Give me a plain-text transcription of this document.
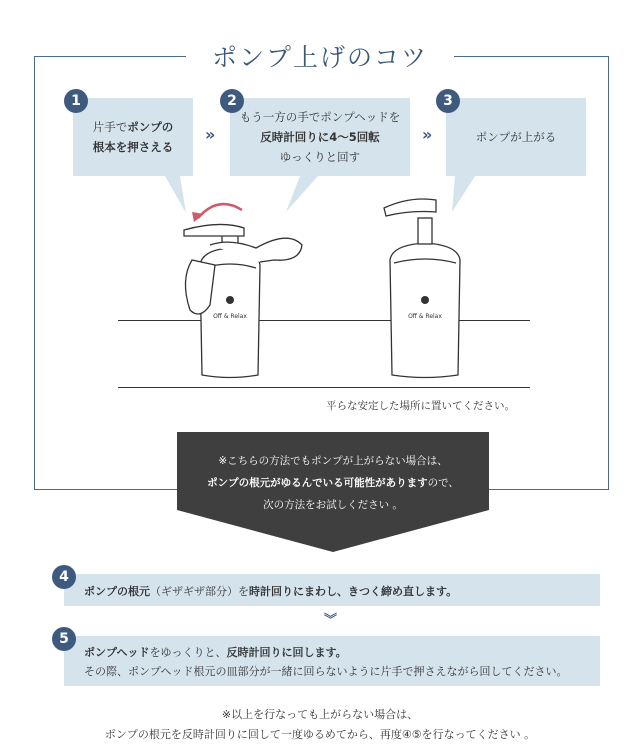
ポンプ上げのコツ
片手でポンプの
根本を押さえる
1
»
もう一方の手でポンプヘッドを
反時計回りに4〜5回転
ゆっくりと回す
2
»	ポンプが上がる
3
Off & Relax	Off & Relax
平らな安定した場所に置いてください。
※こちらの方法でもポンプが上がらない場合は、
ポンプの根元がゆるんでいる可能性がありますので、
次の方法をお試しください 。
ポンプの根元（ギザギザ部分）を時計回りにまわし、きつく締め直します。
4
︾
ポンプヘッドをゆっくりと、反時計回りに回します。
その際、ポンプヘッド根元の皿部分が一緒に回らないように片手で押さえながら回してください。
5
※以上を行なっても上がらない場合は、
ポンプの根元を反時計回りに回して一度ゆるめてから、再度④⑤を行なってください 。
